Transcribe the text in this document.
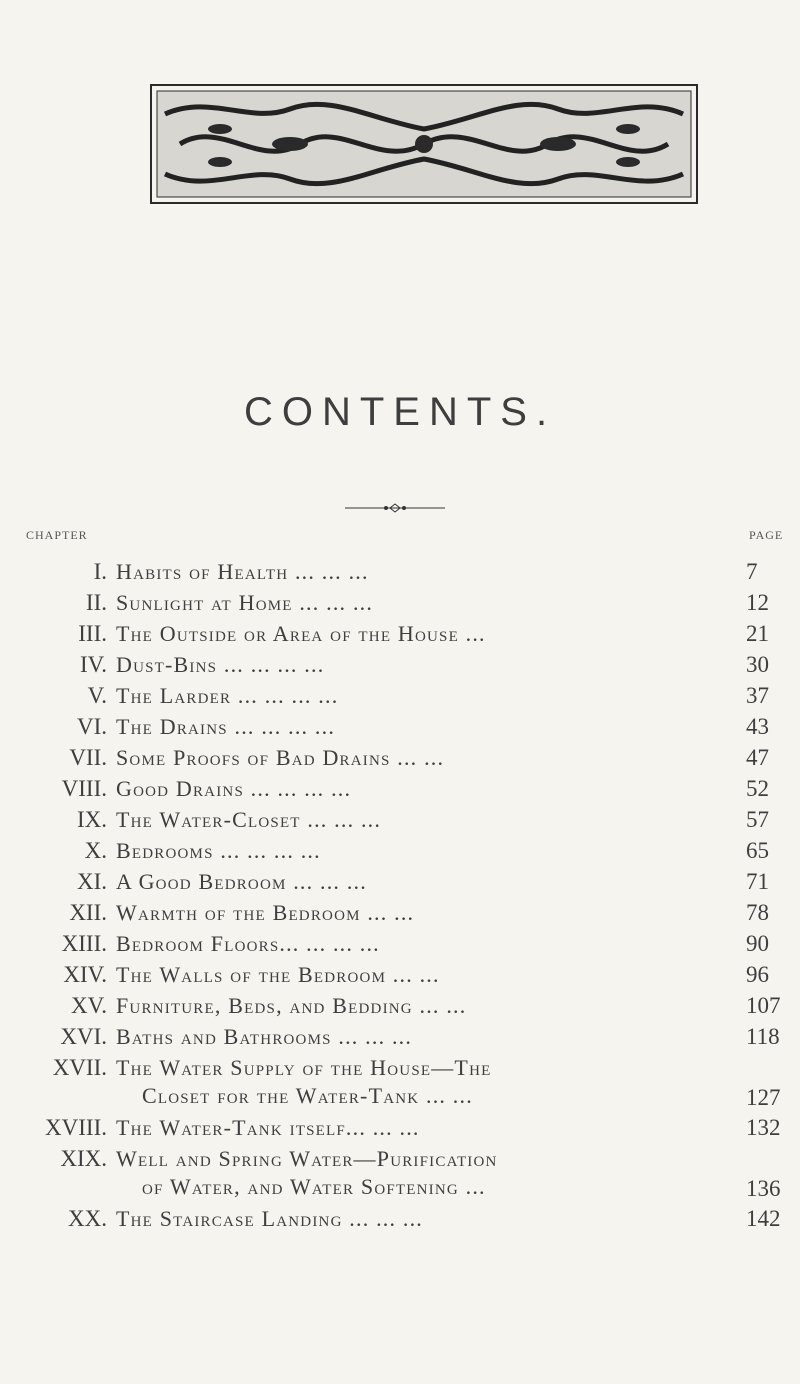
CONTENTS.
CHAPTER	PAGE
I. Habits of Health ... ... ...	7
II. Sunlight at Home ... ... ...	12
III. The Outside or Area of the House ...	21
IV. Dust-Bins ... ... ... ...	30
V. The Larder ... ... ... ...	37
VI. The Drains ... ... ... ...	43
VII. Some Proofs of Bad Drains ... ...	47
VIII. Good Drains ... ... ... ...	52
IX. The Water-Closet ... ... ...	57
X. Bedrooms ... ... ... ...	65
XI. A Good Bedroom ... ... ...	71
XII. Warmth of the Bedroom ... ...	78
XIII. Bedroom Floors... ... ... ...	90
XIV. The Walls of the Bedroom ... ...	96
XV. Furniture, Beds, and Bedding ... ...	107
XVI. Baths and Bathrooms ... ... ...	118
XVII. The Water Supply of the House—The
Closet for the Water-Tank ... ...	127
XVIII. The Water-Tank itself... ... ...	132
XIX. Well and Spring Water—Purification
of Water, and Water Softening ...	136
XX. The Staircase Landing ... ... ...	142
